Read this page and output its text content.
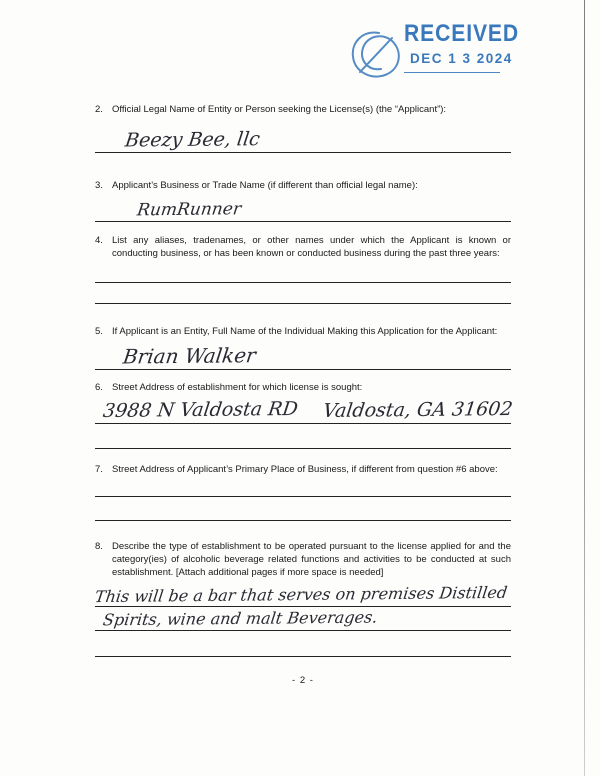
RECEIVED
DEC 1 3 2024
2. Official Legal Name of Entity or Person seeking the License(s) (the “Applicant”):
Beezy Bee, llc
3. Applicant’s Business or Trade Name (if different than official legal name):
RumRunner
4. List any aliases, tradenames, or other names under which the Applicant is known or conducting business, or has been known or conducted business during the past three years:
5. If Applicant is an Entity, Full Name of the Individual Making this Application for the Applicant:
Brian Walker
6. Street Address of establishment for which license is sought:
3988 N Valdosta RD Valdosta, GA 31602
7. Street Address of Applicant’s Primary Place of Business, if different from question #6 above:
8. Describe the type of establishment to be operated pursuant to the license applied for and the category(ies) of alcoholic beverage related functions and activities to be conducted at such establishment. [Attach additional pages if more space is needed]
This will be a bar that serves on premises Distilled
Spirits, wine and malt Beverages.
- 2 -
